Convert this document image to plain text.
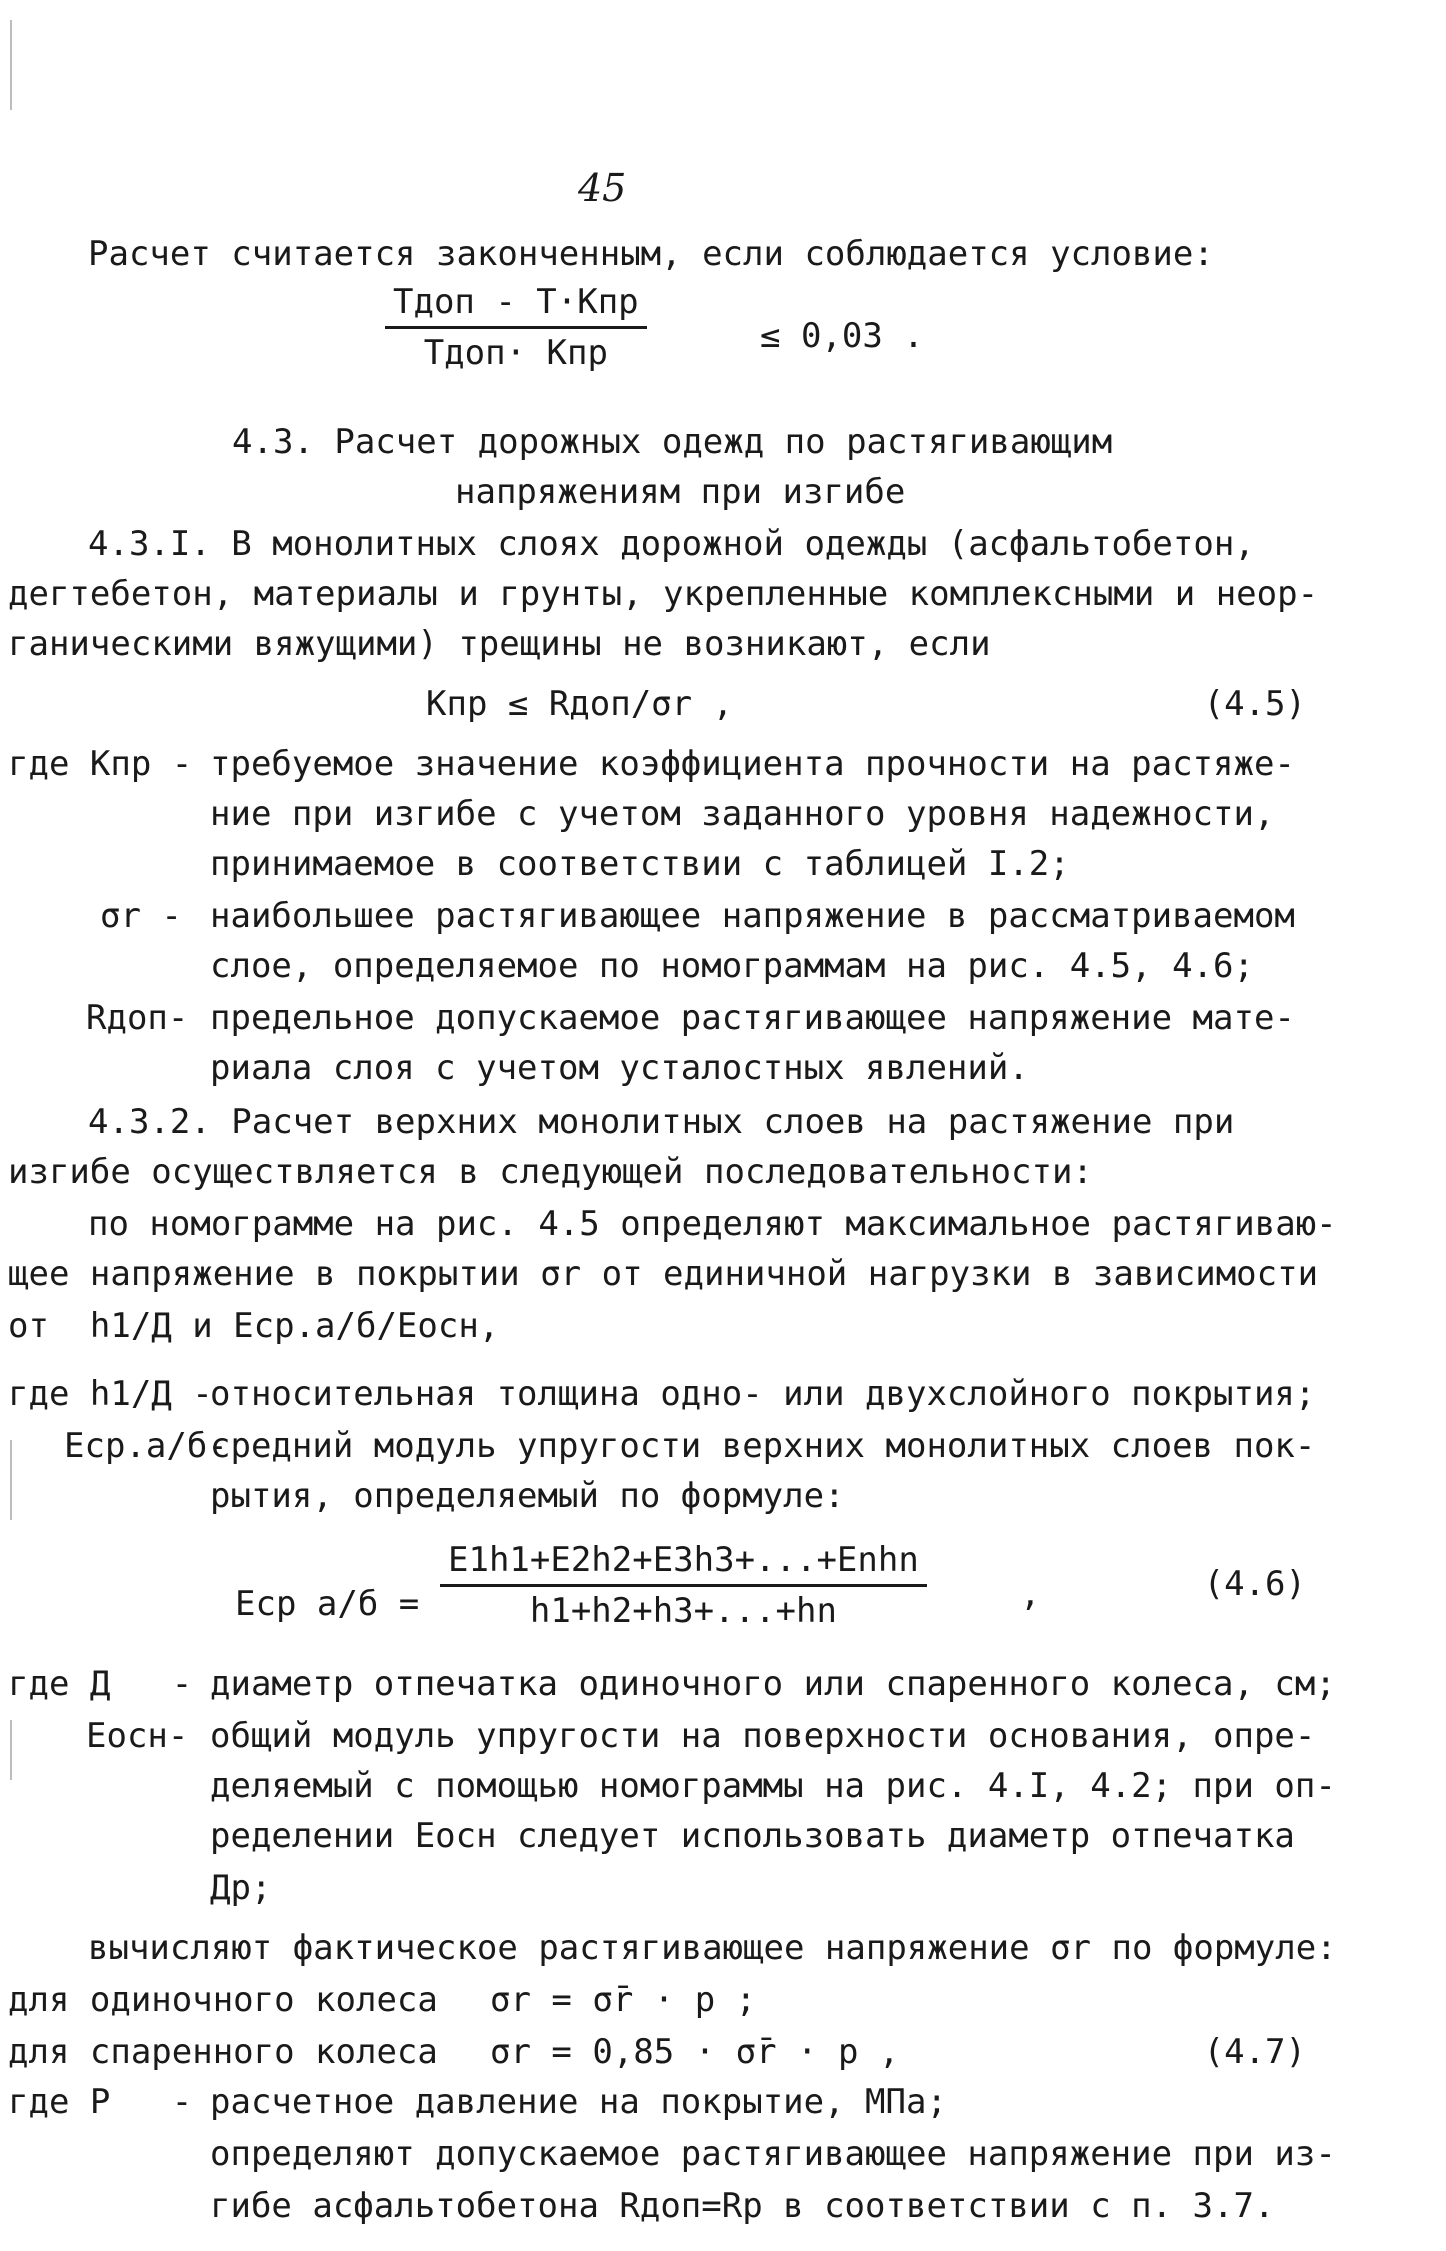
45
Расчет считается законченным, если соблюдается условие:
Тдоп - Т·Кпр
Тдоп· Кпр	≤ 0,03 .
4.3. Расчет дорожных одежд по растягивающим
напряжениям при изгибе
4.3.I. В монолитных слоях дорожной одежды (асфальтобетон,
дегтебетон, материалы и грунты, укрепленные комплексными и неор-
ганическими вяжущими) трещины не возникают, если
Кпр ≤ Rдоп/σr ,	(4.5)
где Кпр - требуемое значение коэффициента прочности на растяже-
ние при изгибе с учетом заданного уровня надежности,
принимаемое в соответствии с таблицей I.2;
σr - наибольшее растягивающее напряжение в рассматриваемом
слое, определяемое по номограммам на рис. 4.5, 4.6;
Rдоп- предельное допускаемое растягивающее напряжение мате-
риала слоя с учетом усталостных явлений.
4.3.2. Расчет верхних монолитных слоев на растяжение при
изгибе осуществляется в следующей последовательности:
по номограмме на рис. 4.5 определяют максимальное растягиваю-
щее напряжение в покрытии σr от единичной нагрузки в зависимости
от  h1/Д и Еср.а/б/Еосн,
где h1/Д -
относительная толщина одно- или двухслойного покрытия;
Еср.а/б-
средний модуль упругости верхних монолитных слоев пок-
рытия, определяемый по формуле:
Еср а/б =
E1h1+E2h2+E3h3+...+Enhn
h1+h2+h3+...+hn	,	(4.6)
где Д   - диаметр отпечатка одиночного или спаренного колеса, см;
Еосн- общий модуль упругости на поверхности основания, опре-
деляемый с помощью номограммы на рис. 4.I, 4.2; при оп-
ределении Еосн следует использовать диаметр отпечатка
Др;
вычисляют фактическое растягивающее напряжение σr по формуле:
для одиночного колеса σr = σ̄r · p ;
для спаренного колеса σr = 0,85 · σ̄r · p ,	(4.7)
где Р   - расчетное давление на покрытие, МПа;
определяют допускаемое растягивающее напряжение при из-
гибе асфальтобетона Rдоп=Rр в соответствии с п. 3.7.
